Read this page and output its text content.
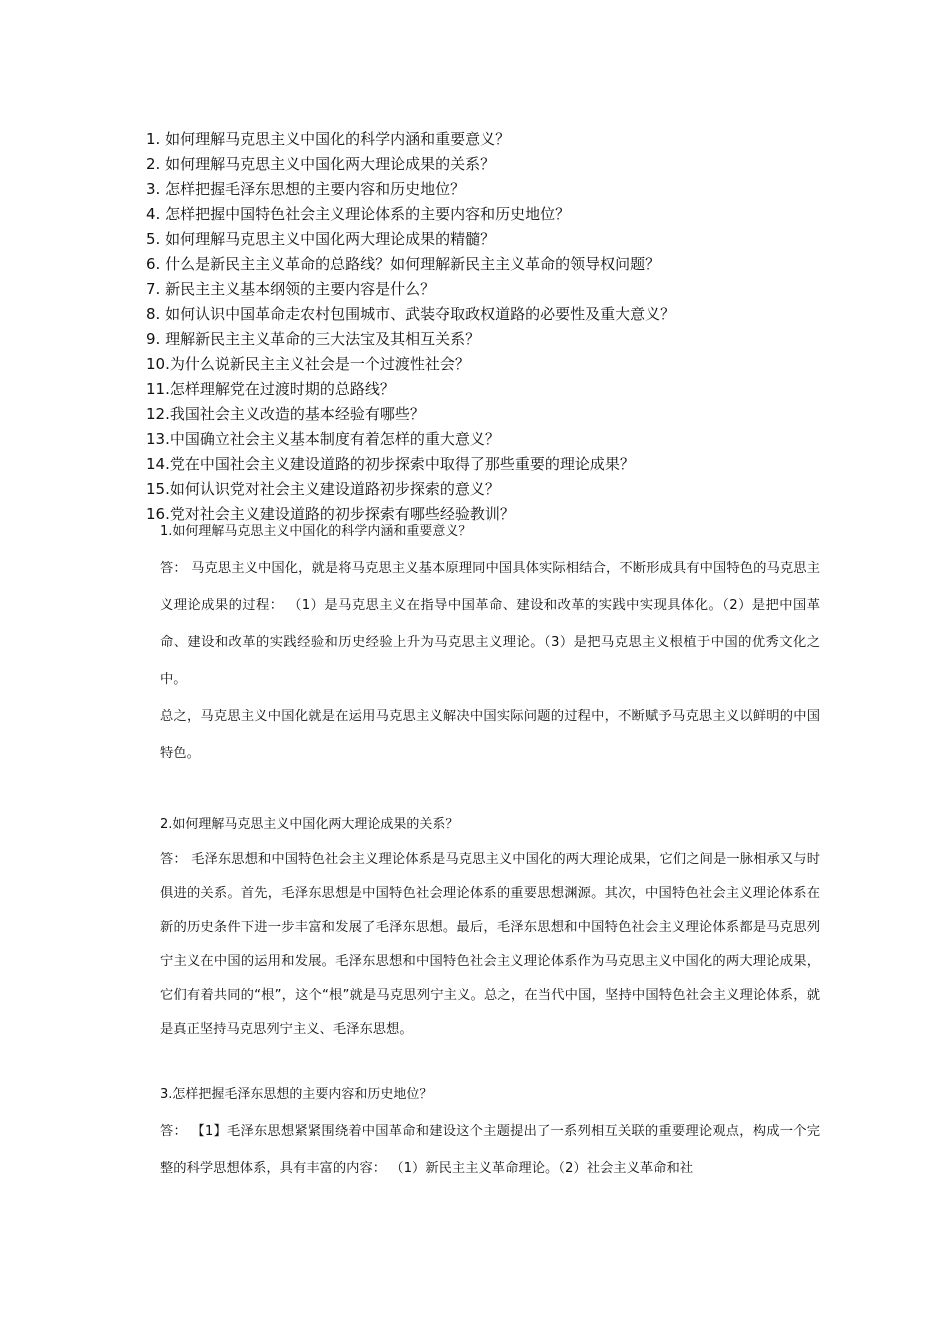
1. 如何理解马克思主义中国化的科学内涵和重要意义？
2. 如何理解马克思主义中国化两大理论成果的关系？
3. 怎样把握毛泽东思想的主要内容和历史地位？
4. 怎样把握中国特色社会主义理论体系的主要内容和历史地位？
5. 如何理解马克思主义中国化两大理论成果的精髓？
6. 什么是新民主主义革命的总路线？如何理解新民主主义革命的领导权问题？
7. 新民主主义基本纲领的主要内容是什么？
8. 如何认识中国革命走农村包围城市、武装夺取政权道路的必要性及重大意义？
9. 理解新民主主义革命的三大法宝及其相互关系？
10.为什么说新民主主义社会是一个过渡性社会？
11.怎样理解党在过渡时期的总路线？
12.我国社会主义改造的基本经验有哪些？
13.中国确立社会主义基本制度有着怎样的重大意义？
14.党在中国社会主义建设道路的初步探索中取得了那些重要的理论成果？
15.如何认识党对社会主义建设道路初步探索的意义？
16.党对社会主义建设道路的初步探索有哪些经验教训？
1.如何理解马克思主义中国化的科学内涵和重要意义？
答： 马克思主义中国化，就是将马克思主义基本原理同中国具体实际相结合，不断形成具有中国特色的马克思主义理论成果的过程： （1）是马克思主义在指导中国革命、建设和改革的实践中实现具体化。（2）是把中国革命、建设和改革的实践经验和历史经验上升为马克思主义理论。（3）是把马克思主义根植于中国的优秀文化之中。
总之，马克思主义中国化就是在运用马克思主义解决中国实际问题的过程中，不断赋予马克思主义以鲜明的中国特色。
2.如何理解马克思主义中国化两大理论成果的关系？
答： 毛泽东思想和中国特色社会主义理论体系是马克思主义中国化的两大理论成果，它们之间是一脉相承又与时俱进的关系。首先，毛泽东思想是中国特色社会理论体系的重要思想渊源。其次，中国特色社会主义理论体系在新的历史条件下进一步丰富和发展了毛泽东思想。最后，毛泽东思想和中国特色社会主义理论体系都是马克思列宁主义在中国的运用和发展。毛泽东思想和中国特色社会主义理论体系作为马克思主义中国化的两大理论成果，它们有着共同的“根”，这个“根”就是马克思列宁主义。总之，在当代中国，坚持中国特色社会主义理论体系，就是真正坚持马克思列宁主义、毛泽东思想。
3.怎样把握毛泽东思想的主要内容和历史地位？
答： 【1】毛泽东思想紧紧围绕着中国革命和建设这个主题提出了一系列相互关联的重要理论观点，构成一个完整的科学思想体系，具有丰富的内容： （1）新民主主义革命理论。（2）社会主义革命和社
